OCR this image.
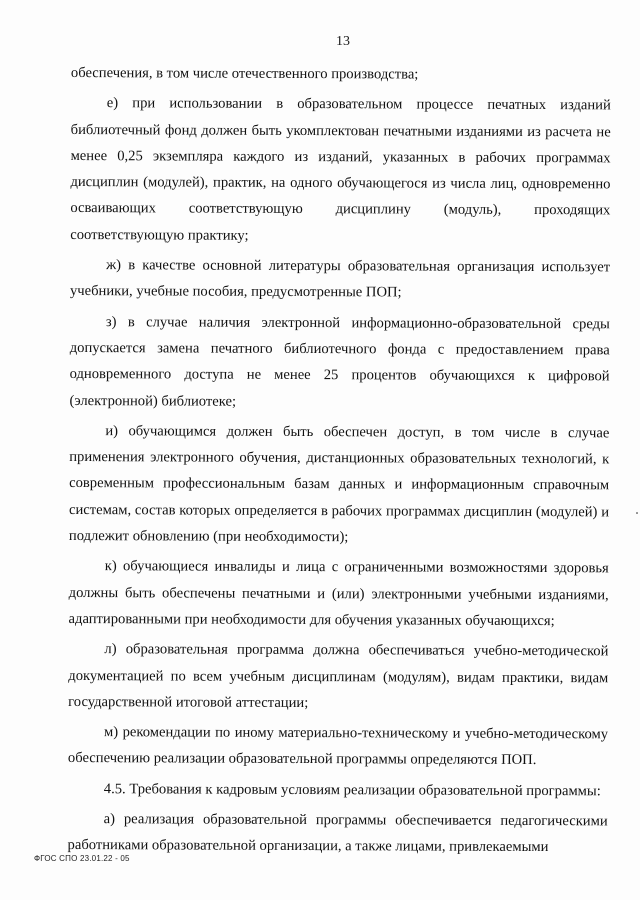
13

обеспечения, в том числе отечественного производства;

е) при использовании в образовательном процессе печатных изданий библиотечный фонд должен быть укомплектован печатными изданиями из расчета не менее 0,25 экземпляра каждого из изданий, указанных в рабочих программах дисциплин (модулей), практик, на одного обучающегося из числа лиц, одновременно осваивающих соответствующую дисциплину (модуль), проходящих соответствующую практику;

ж) в качестве основной литературы образовательная организация использует учебники, учебные пособия, предусмотренные ПОП;

з) в случае наличия электронной информационно-образовательной среды допускается замена печатного библиотечного фонда с предоставлением права одновременного доступа не менее 25 процентов обучающихся к цифровой (электронной) библиотеке;

и) обучающимся должен быть обеспечен доступ, в том числе в случае применения электронного обучения, дистанционных образовательных технологий, к современным профессиональным базам данных и информационным справочным системам, состав которых определяется в рабочих программах дисциплин (модулей) и подлежит обновлению (при необходимости);

к) обучающиеся инвалиды и лица с ограниченными возможностями здоровья должны быть обеспечены печатными и (или) электронными учебными изданиями, адаптированными при необходимости для обучения указанных обучающихся;

л) образовательная программа должна обеспечиваться учебно-методической документацией по всем учебным дисциплинам (модулям), видам практики, видам государственной итоговой аттестации;

м) рекомендации по иному материально-техническому и учебно-методическому обеспечению реализации образовательной программы определяются ПОП.

4.5. Требования к кадровым условиям реализации образовательной программы:

а) реализация образовательной программы обеспечивается педагогическими работниками образовательной организации, а также лицами, привлекаемыми

ФГОС СПО 23.01.22 - 05
